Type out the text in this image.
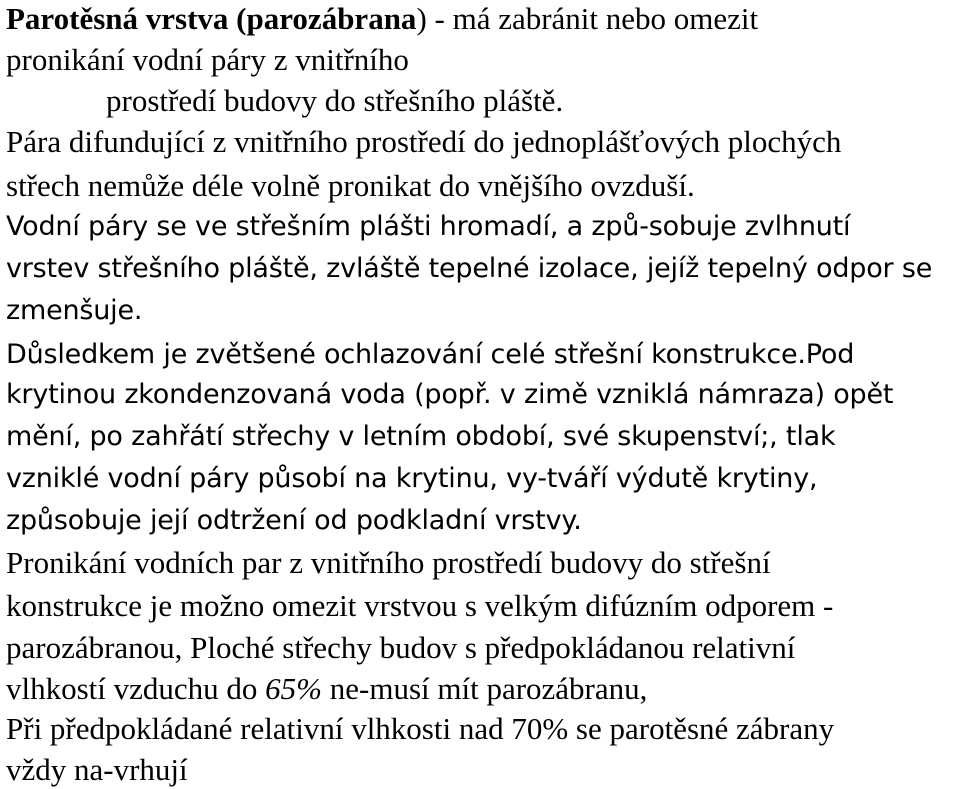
Parotěsná vrstva (parozábrana) - má zabránit nebo omezit
pronikání vodní páry z vnitřního
prostředí budovy do střešního pláště.
Pára difundující z vnitřního prostředí do jednoplášťových plochých
střech nemůže déle volně pronikat do vnějšího ovzduší.
Vodní páry se ve střešním plášti hromadí, a způ-sobuje zvlhnutí
vrstev střešního pláště, zvláště tepelné izolace, jejíž tepelný odpor se
zmenšuje.
Důsledkem je zvětšené ochlazování celé střešní konstrukce.Pod
krytinou zkondenzovaná voda (popř. v zimě vzniklá námraza) opět
mění, po zahřátí střechy v letním období, své skupenství;, tlak
vzniklé vodní páry působí na krytinu, vy-tváří výdutě krytiny,
způsobuje její odtržení od podkladní vrstvy.
Pronikání vodních par z vnitřního prostředí budovy do střešní
konstrukce je možno omezit vrstvou s velkým difúzním odporem -
parozábranou, Ploché střechy budov s předpokládanou relativní
vlhkostí vzduchu do 65% ne-musí mít parozábranu,
Při předpokládané relativní vlhkosti nad 70% se parotěsné zábrany
vždy na-vrhují
